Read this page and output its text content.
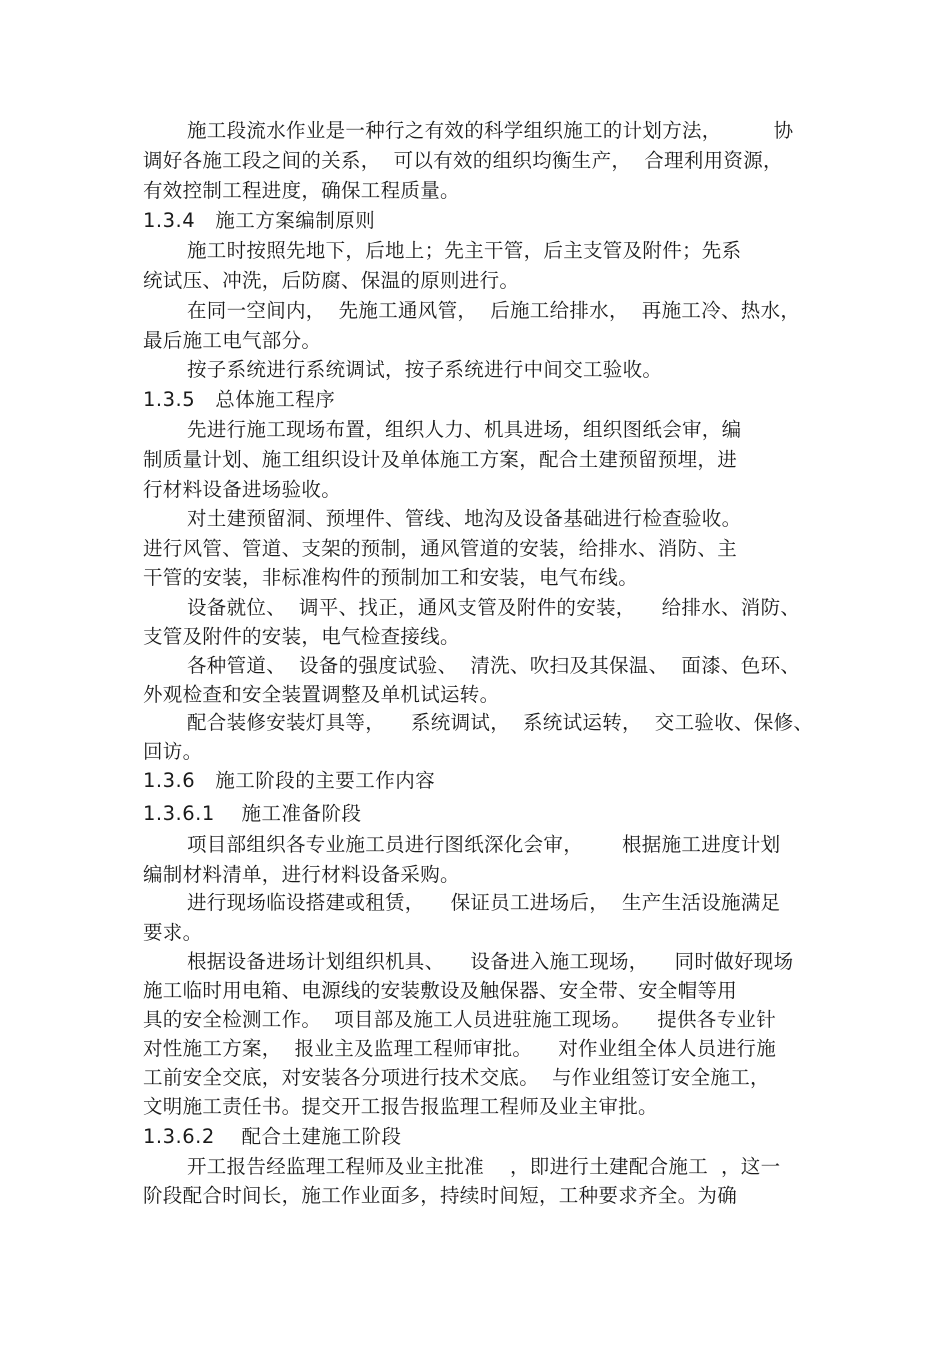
施工段流水作业是一种行之有效的科学组织施工的计划方法，        协
调好各施工段之间的关系，  可以有效的组织均衡生产，  合理利用资源，
有效控制工程进度，确保工程质量。
1.3.4   施工方案编制原则
施工时按照先地下，后地上；先主干管，后主支管及附件；先系
统试压、冲洗，后防腐、保温的原则进行。
在同一空间内，  先施工通风管，  后施工给排水，  再施工冷、热水，
最后施工电气部分。
按子系统进行系统调试，按子系统进行中间交工验收。
1.3.5   总体施工程序
先进行施工现场布置，组织人力、机具进场，组织图纸会审，编
制质量计划、施工组织设计及单体施工方案，配合土建预留预埋，进
行材料设备进场验收。
对土建预留洞、预埋件、管线、地沟及设备基础进行检查验收。
进行风管、管道、支架的预制，通风管道的安装，给排水、消防、主
干管的安装，非标准构件的预制加工和安装，电气布线。
设备就位、  调平、找正，通风支管及附件的安装，    给排水、消防、
支管及附件的安装，电气检查接线。
各种管道、  设备的强度试验、  清洗、吹扫及其保温、  面漆、色环、
外观检查和安全装置调整及单机试运转。
配合装修安装灯具等，    系统调试，  系统试运转，  交工验收、保修、
回访。
1.3.6   施工阶段的主要工作内容
1.3.6.1    施工准备阶段
项目部组织各专业施工员进行图纸深化会审，      根据施工进度计划
编制材料清单，进行材料设备采购。
进行现场临设搭建或租赁，    保证员工进场后，  生产生活设施满足
要求。
根据设备进场计划组织机具、    设备进入施工现场，    同时做好现场
施工临时用电箱、电源线的安装敷设及触保器、安全带、安全帽等用
具的安全检测工作。  项目部及施工人员进驻施工现场。    提供各专业针
对性施工方案，  报业主及监理工程师审批。    对作业组全体人员进行施
工前安全交底，对安装各分项进行技术交底。  与作业组签订安全施工，
文明施工责任书。提交开工报告报监理工程师及业主审批。
1.3.6.2    配合土建施工阶段
开工报告经监理工程师及业主批准    ，即进行土建配合施工  ，这一
阶段配合时间长，施工作业面多，持续时间短，工种要求齐全。为确
